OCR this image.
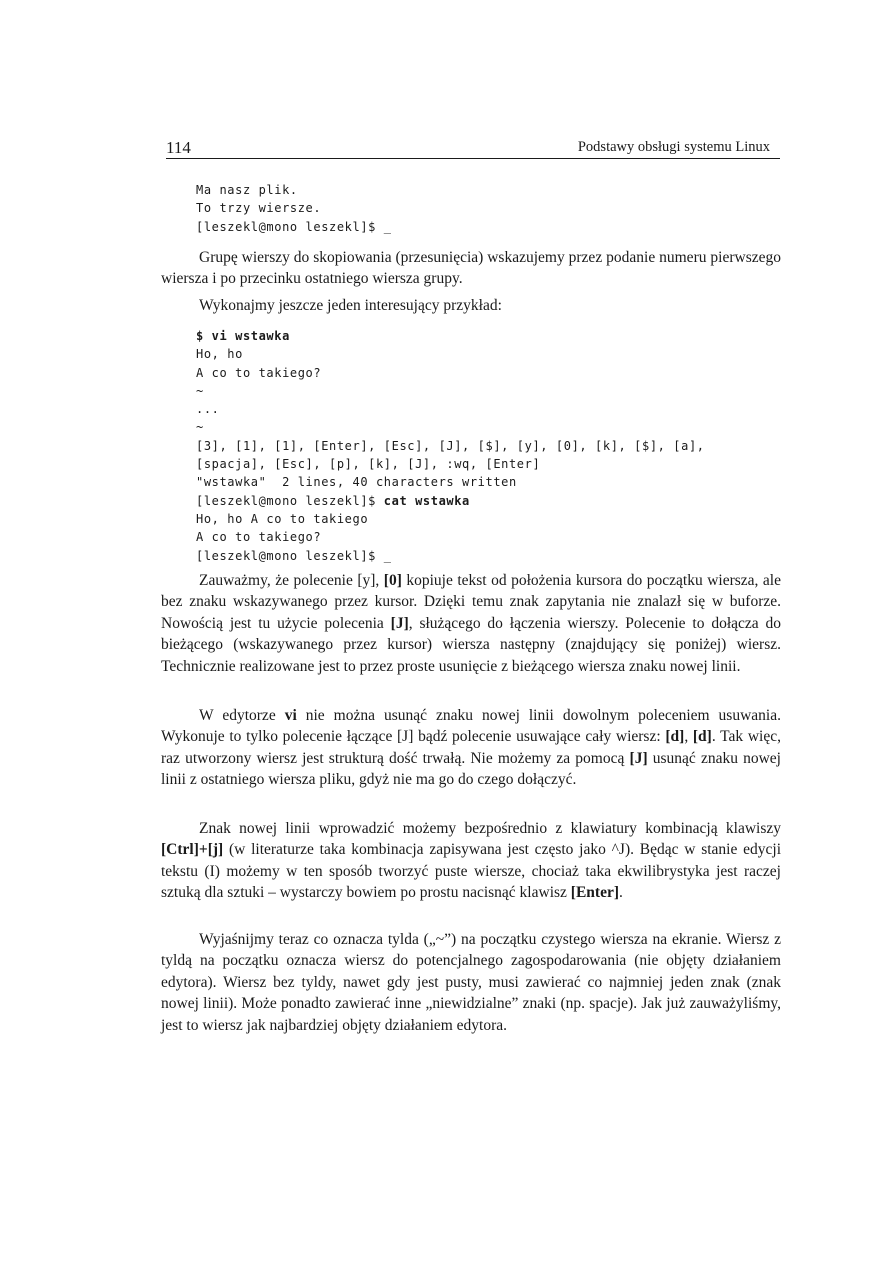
114	Podstawy obsługi systemu Linux
Ma nasz plik.
To trzy wiersze.
[leszekl@mono leszekl]$ _

Grupę wierszy do skopiowania (przesunięcia) wskazujemy przez podanie numeru pierwszego wiersza i po przecinku ostatniego wiersza grupy.

Wykonajmy jeszcze jeden interesujący przykład:

$ vi wstawka
Ho, ho
A co to takiego?
~
...
~
[3], [1], [1], [Enter], [Esc], [J], [$], [y], [0], [k], [$], [a],
[spacja], [Esc], [p], [k], [J], :wq, [Enter]
"wstawka"  2 lines, 40 characters written
[leszekl@mono leszekl]$ cat wstawka
Ho, ho A co to takiego
A co to takiego?
[leszekl@mono leszekl]$ _

Zauważmy, że polecenie [y], [0] kopiuje tekst od położenia kursora do początku wiersza, ale bez znaku wskazywanego przez kursor. Dzięki temu znak zapytania nie znalazł się w buforze. Nowością jest tu użycie polecenia [J], służącego do łączenia wierszy. Polecenie to dołącza do bieżącego (wskazywanego przez kursor) wiersza następny (znajdujący się poniżej) wiersz. Technicznie realizowane jest to przez proste usunięcie z bieżącego wiersza znaku nowej linii.

W edytorze vi nie można usunąć znaku nowej linii dowolnym poleceniem usuwania. Wykonuje to tylko polecenie łączące [J] bądź polecenie usuwające cały wiersz: [d], [d]. Tak więc, raz utworzony wiersz jest strukturą dość trwałą. Nie możemy za pomocą [J] usunąć znaku nowej linii z ostatniego wiersza pliku, gdyż nie ma go do czego dołączyć.

Znak nowej linii wprowadzić możemy bezpośrednio z klawiatury kombinacją klawiszy [Ctrl]+[j] (w literaturze taka kombinacja zapisywana jest często jako ^J). Będąc w stanie edycji tekstu (I) możemy w ten sposób tworzyć puste wiersze, chociaż taka ekwilibrystyka jest raczej sztuką dla sztuki – wystarczy bowiem po prostu nacisnąć klawisz [Enter].

Wyjaśnijmy teraz co oznacza tylda („~”) na początku czystego wiersza na ekranie. Wiersz z tyldą na początku oznacza wiersz do potencjalnego zagospodarowania (nie objęty działaniem edytora). Wiersz bez tyldy, nawet gdy jest pusty, musi zawierać co najmniej jeden znak (znak nowej linii). Może ponadto zawierać inne „niewidzialne” znaki (np. spacje). Jak już zauważyliśmy, jest to wiersz jak najbardziej objęty działaniem edytora.
